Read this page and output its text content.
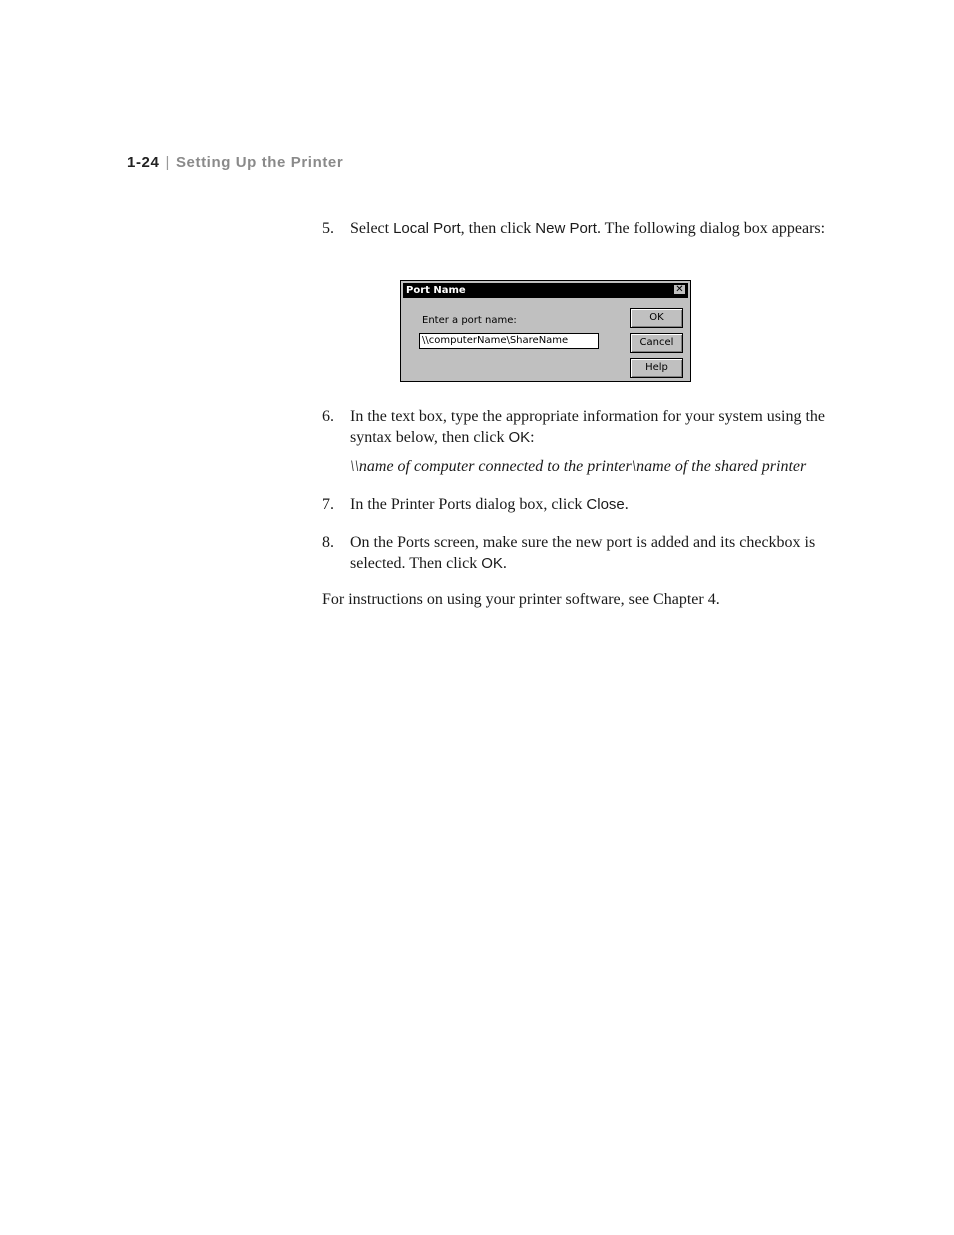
1-24 | Setting Up the Printer
5. Select Local Port, then click New Port. The following dialog box appears:
Port Name	✕
Enter a port name:
\\computerName\ShareName
OK
Cancel
Help
6. In the text box, type the appropriate information for your system using the syntax below, then click OK:
\\name of computer connected to the printer\name of the shared printer
7. In the Printer Ports dialog box, click Close.
8. On the Ports screen, make sure the new port is added and its checkbox is selected. Then click OK.
For instructions on using your printer software, see Chapter 4.
